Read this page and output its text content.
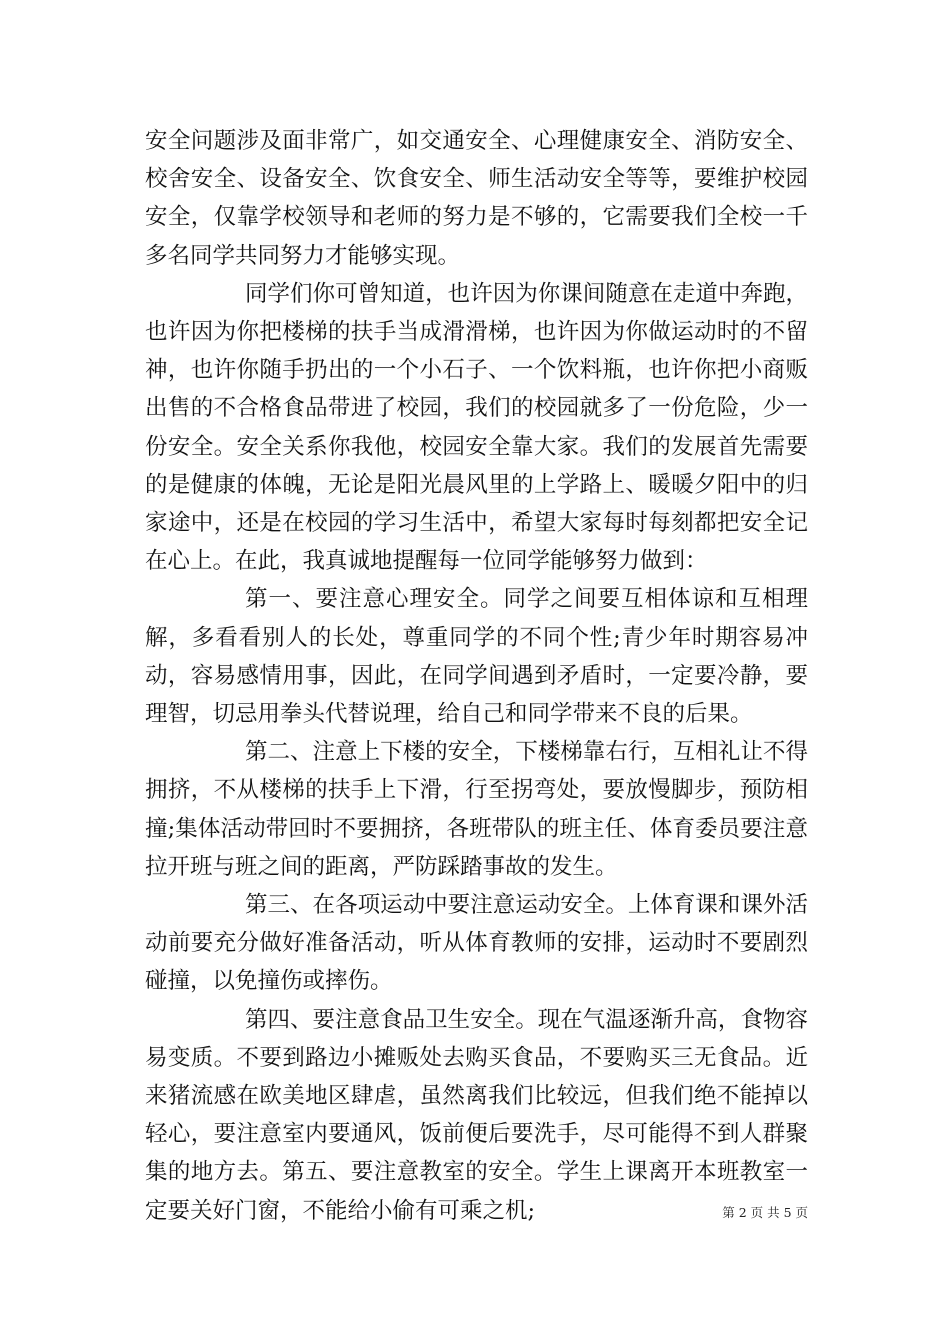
安全问题涉及面非常广，如交通安全、心理健康安全、消防安全、校舍安全、设备安全、饮食安全、师生活动安全等等，要维护校园安全，仅靠学校领导和老师的努力是不够的，它需要我们全校一千多名同学共同努力才能够实现。

同学们你可曾知道，也许因为你课间随意在走道中奔跑，也许因为你把楼梯的扶手当成滑滑梯，也许因为你做运动时的不留神，也许你随手扔出的一个小石子、一个饮料瓶，也许你把小商贩出售的不合格食品带进了校园，我们的校园就多了一份危险，少一份安全。安全关系你我他，校园安全靠大家。我们的发展首先需要的是健康的体魄，无论是阳光晨风里的上学路上、暖暖夕阳中的归家途中，还是在校园的学习生活中，希望大家每时每刻都把安全记在心上。在此，我真诚地提醒每一位同学能够努力做到：

第一、要注意心理安全。同学之间要互相体谅和互相理解，多看看别人的长处，尊重同学的不同个性;青少年时期容易冲动，容易感情用事，因此，在同学间遇到矛盾时，一定要冷静，要理智，切忌用拳头代替说理，给自己和同学带来不良的后果。

第二、注意上下楼的安全，下楼梯靠右行，互相礼让不得拥挤，不从楼梯的扶手上下滑，行至拐弯处，要放慢脚步，预防相撞;集体活动带回时不要拥挤，各班带队的班主任、体育委员要注意拉开班与班之间的距离，严防踩踏事故的发生。

第三、在各项运动中要注意运动安全。上体育课和课外活动前要充分做好准备活动，听从体育教师的安排，运动时不要剧烈碰撞，以免撞伤或摔伤。

第四、要注意食品卫生安全。现在气温逐渐升高，食物容易变质。不要到路边小摊贩处去购买食品，不要购买三无食品。近来猪流感在欧美地区肆虐，虽然离我们比较远，但我们绝不能掉以轻心，要注意室内要通风，饭前便后要洗手，尽可能得不到人群聚集的地方去。第五、要注意教室的安全。学生上课离开本班教室一定要关好门窗，不能给小偷有可乘之机;	第 2 页 共 5 页
